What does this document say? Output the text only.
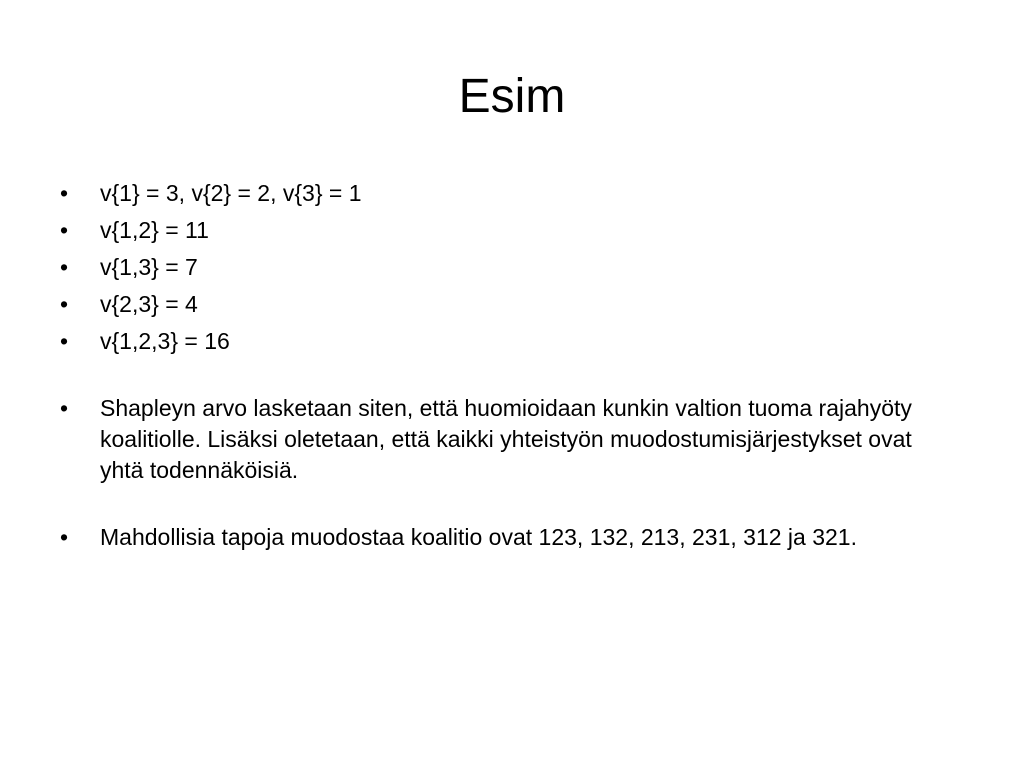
Esim
• v{1} = 3, v{2} = 2, v{3} = 1
• v{1,2} = 11
• v{1,3} = 7
• v{2,3} = 4
• v{1,2,3} = 16
• Shapleyn arvo lasketaan siten, että huomioidaan kunkin valtion tuoma rajahyöty koalitiolle. Lisäksi oletetaan, että kaikki yhteistyön muodostumisjärjestykset ovat yhtä todennäköisiä.
• Mahdollisia tapoja muodostaa koalitio ovat 123, 132, 213, 231, 312 ja 321.
